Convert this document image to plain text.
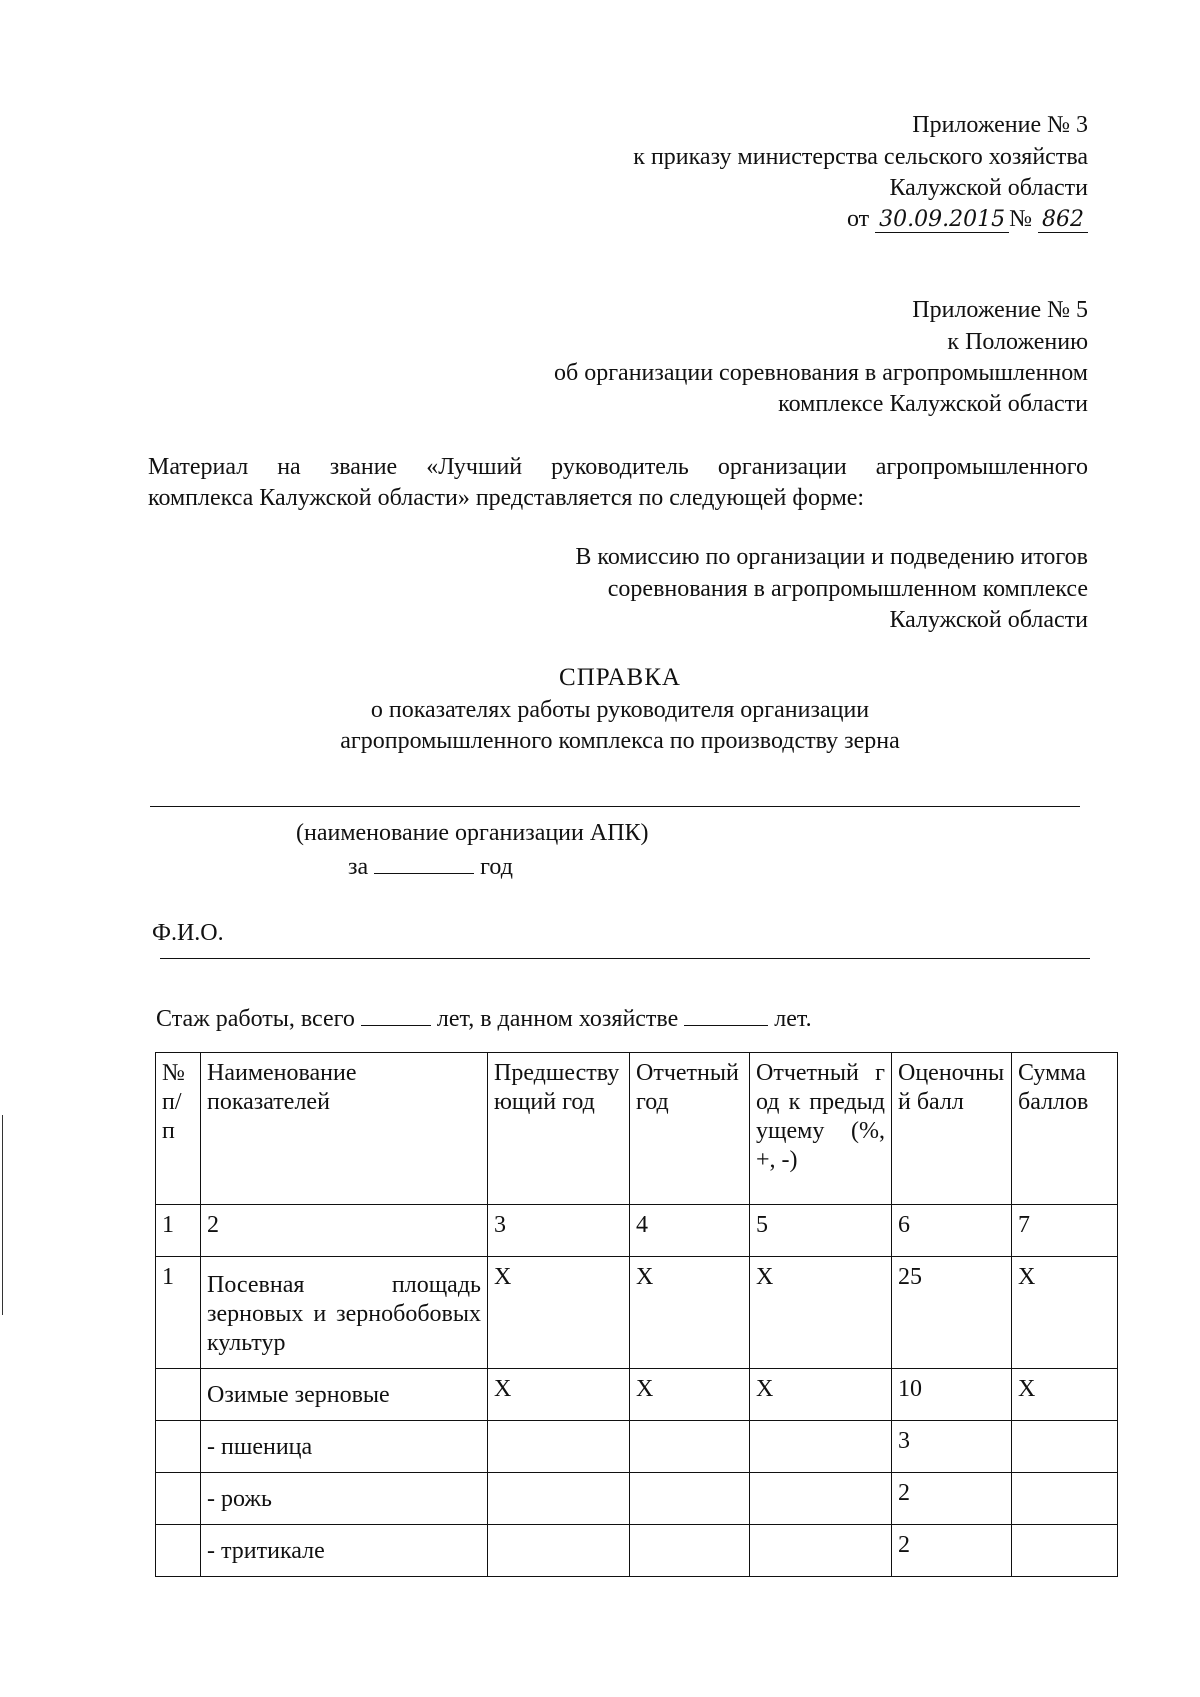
Приложение № 3
к приказу министерства сельского хозяйства
Калужской области
от 30.09.2015 № 862
Приложение № 5
к Положению
об организации соревнования в агропромышленном
комплексе Калужской области
Материал на звание «Лучший руководитель организации агропромышленного
комплекса Калужской области» представляется по следующей форме:
В комиссию по организации и подведению итогов
соревнования в агропромышленном комплексе
Калужской области
СПРАВКА
о показателях работы руководителя организации
агропромышленного комплекса по производству зерна
(наименование организации АПК)
за	год
Ф.И.О.
Стаж работы, всего	лет, в данном хозяйстве	лет.
№ п/п	Наименование показателей	Предшествующий год	Отчетный год	Отчетный год к предыдущему (%, +, -)	Оценочный балл	Сумма баллов
1	2	3	4	5	6	7
1	Посевная площадь зерновых и зернобобовых культур	X	X	X	25	X
	Озимые зерновые	X	X	X	10	X
	- пшеница				3	
	- рожь				2	
	- тритикале				2	
